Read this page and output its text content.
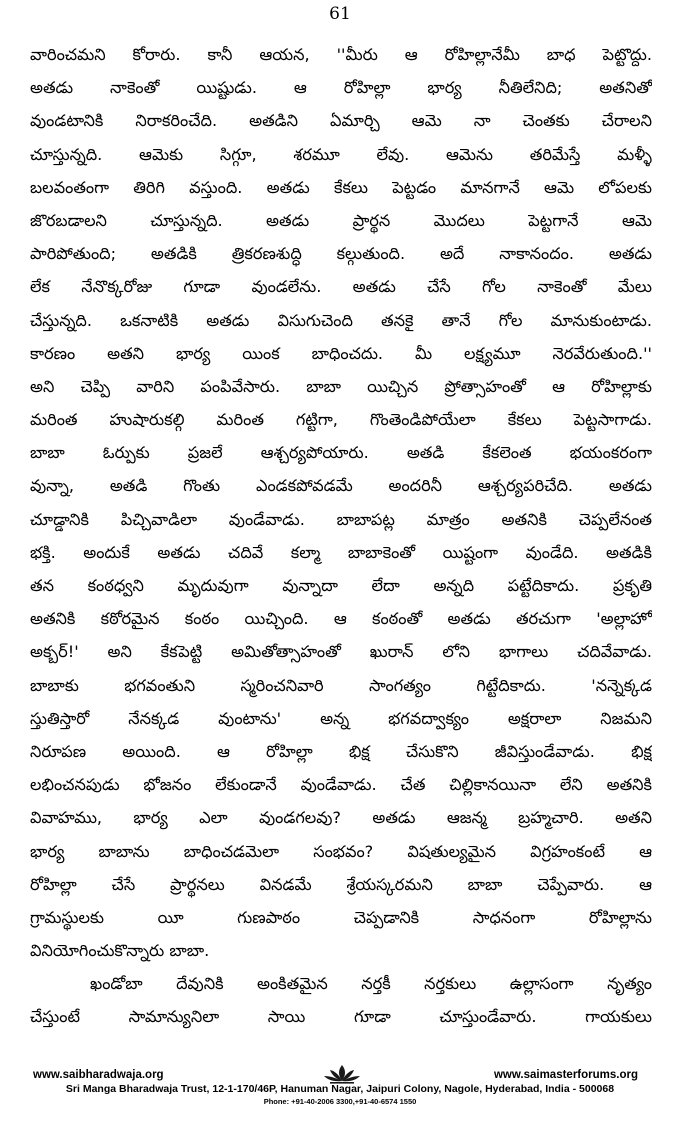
61
వారించమని కోరారు. కానీ ఆయన, ''మీరు ఆ రోహిల్లానేమీ బాధ పెట్టొద్దు.
అతడు నాకెంతో యిష్టుడు. ఆ రోహిల్లా భార్య నీతిలేనిది; అతనితో
వుండటానికి నిరాకరించేది. అతడిని ఏమార్చి ఆమె నా చెంతకు చేరాలని
చూస్తున్నది. ఆమెకు సిగ్గూ, శరమూ లేవు. ఆమెను తరిమేస్తే మళ్ళీ
బలవంతంగా తిరిగి వస్తుంది. అతడు కేకలు పెట్టడం మానగానే ఆమె లోపలకు
జొరబడాలని చూస్తున్నది. అతడు ప్రార్థన మొదలు పెట్టగానే ఆమె
పారిపోతుంది; అతడికి త్రికరణశుద్ధి కల్గుతుంది. అదే నాకానందం. అతడు
లేక నేనొక్కరోజు గూడా వుండలేను. అతడు చేసే గోల నాకెంతో మేలు
చేస్తున్నది. ఒకనాటికి అతడు విసుగుచెంది తనకై తానే గోల మానుకుంటాడు.
కారణం అతని భార్య యింక బాధించదు. మీ లక్ష్యమూ నెరవేరుతుంది.''
అని చెప్పి వారిని పంపివేసారు. బాబా యిచ్చిన ప్రోత్సాహంతో ఆ రోహిల్లాకు
మరింత హుషారుకల్గి మరింత గట్టిగా, గొంతెండిపోయేలా కేకలు పెట్టసాగాడు.
బాబా ఓర్పుకు ప్రజలే ఆశ్చర్యపోయారు. అతడి కేకలెంత భయంకరంగా
వున్నా, అతడి గొంతు ఎండకపోవడమే అందరినీ ఆశ్చర్యపరిచేది. అతడు
చూడ్డానికి పిచ్చివాడిలా వుండేవాడు. బాబాపట్ల మాత్రం అతనికి చెప్పలేనంత
భక్తి. అందుకే అతడు చదివే కల్మా బాబాకెంతో యిష్టంగా వుండేది. అతడికి
తన కంఠధ్వని మృదువుగా వున్నాదా లేదా అన్నది పట్టేదికాదు. ప్రకృతి
అతనికి కఠోరమైన కంఠం యిచ్చింది. ఆ కంఠంతో అతడు తరచుగా 'అల్లాహో
అక్బర్!' అని కేకపెట్టి అమితోత్సాహంతో ఖురాన్ లోని భాగాలు చదివేవాడు.
బాబాకు భగవంతుని స్మరించనివారి సాంగత్యం గిట్టేదికాదు. 'నన్నెక్కడ
స్తుతిస్తారో నేనక్కడ వుంటాను' అన్న భగవద్వాక్యం అక్షరాలా నిజమని
నిరూపణ అయింది. ఆ రోహిల్లా భిక్ష చేసుకొని జీవిస్తుండేవాడు. భిక్ష
లభించనపుడు భోజనం లేకుండానే వుండేవాడు. చేత చిల్లికానయినా లేని అతనికి
వివాహము, భార్య ఎలా వుండగలవు? అతడు ఆజన్మ బ్రహ్మచారి. అతని
భార్య బాబాను బాధించడమెలా సంభవం? విషతుల్యమైన విగ్రహంకంటే ఆ
రోహిల్లా చేసే ప్రార్థనలు వినడమే శ్రేయస్కరమని బాబా చెప్పేవారు. ఆ
గ్రామస్థులకు యీ గుణపాఠం చెప్పడానికి సాధనంగా రోహిల్లాను
వినియోగించుకొన్నారు బాబా.
ఖండోబా దేవునికి అంకితమైన నర్తకీ నర్తకులు ఉల్లాసంగా నృత్యం
చేస్తుంటే సామాన్యునిలా సాయి గూడా చూస్తుండేవారు. గాయకులు
www.saibharadwaja.org	www.saimasterforums.org
Sri Manga Bharadwaja Trust, 12-1-170/46P, Hanuman Nagar, Jaipuri Colony, Nagole, Hyderabad, India - 500068
Phone: +91-40-2006 3300,+91-40-6574 1550
